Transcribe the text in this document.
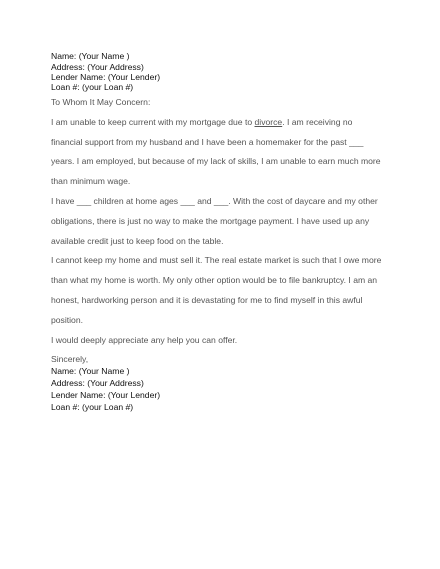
Name: (Your Name )
Address: (Your Address)
Lender Name: (Your Lender)
Loan #: (your Loan #)
To Whom It May Concern:
I am unable to keep current with my mortgage due to divorce. I am receiving no
financial support from my husband and I have been a homemaker for the past ___
years. I am employed, but because of my lack of skills, I am unable to earn much more
than minimum wage.
I have ___ children at home ages ___ and ___. With the cost of daycare and my other
obligations, there is just no way to make the mortgage payment. I have used up any
available credit just to keep food on the table.
I cannot keep my home and must sell it. The real estate market is such that I owe more
than what my home is worth. My only other option would be to file bankruptcy. I am an
honest, hardworking person and it is devastating for me to find myself in this awful
position.
I would deeply appreciate any help you can offer.
Sincerely,
Name: (Your Name )
Address: (Your Address)
Lender Name: (Your Lender)
Loan #: (your Loan #)
